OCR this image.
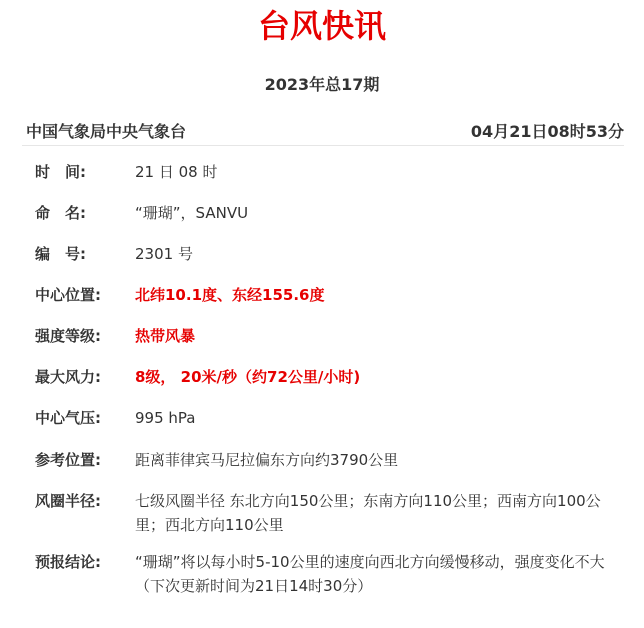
台风快讯
2023年总17期
中国气象局中央气象台	04月21日08时53分
时　间:	21 日 08 时
命　名:	“珊瑚”，SANVU
编　号:	2301 号
中心位置:	北纬10.1度、东经155.6度
强度等级:	热带风暴
最大风力:	8级， 20米/秒（约72公里/小时)
中心气压:	995 hPa
参考位置:	距离菲律宾马尼拉偏东方向约3790公里
风圈半径:	七级风圈半径 东北方向150公里；东南方向110公里；西南方向100公里；西北方向110公里
预报结论:	“珊瑚”将以每小时5-10公里的速度向西北方向缓慢移动，强度变化不大
（下次更新时间为21日14时30分）
